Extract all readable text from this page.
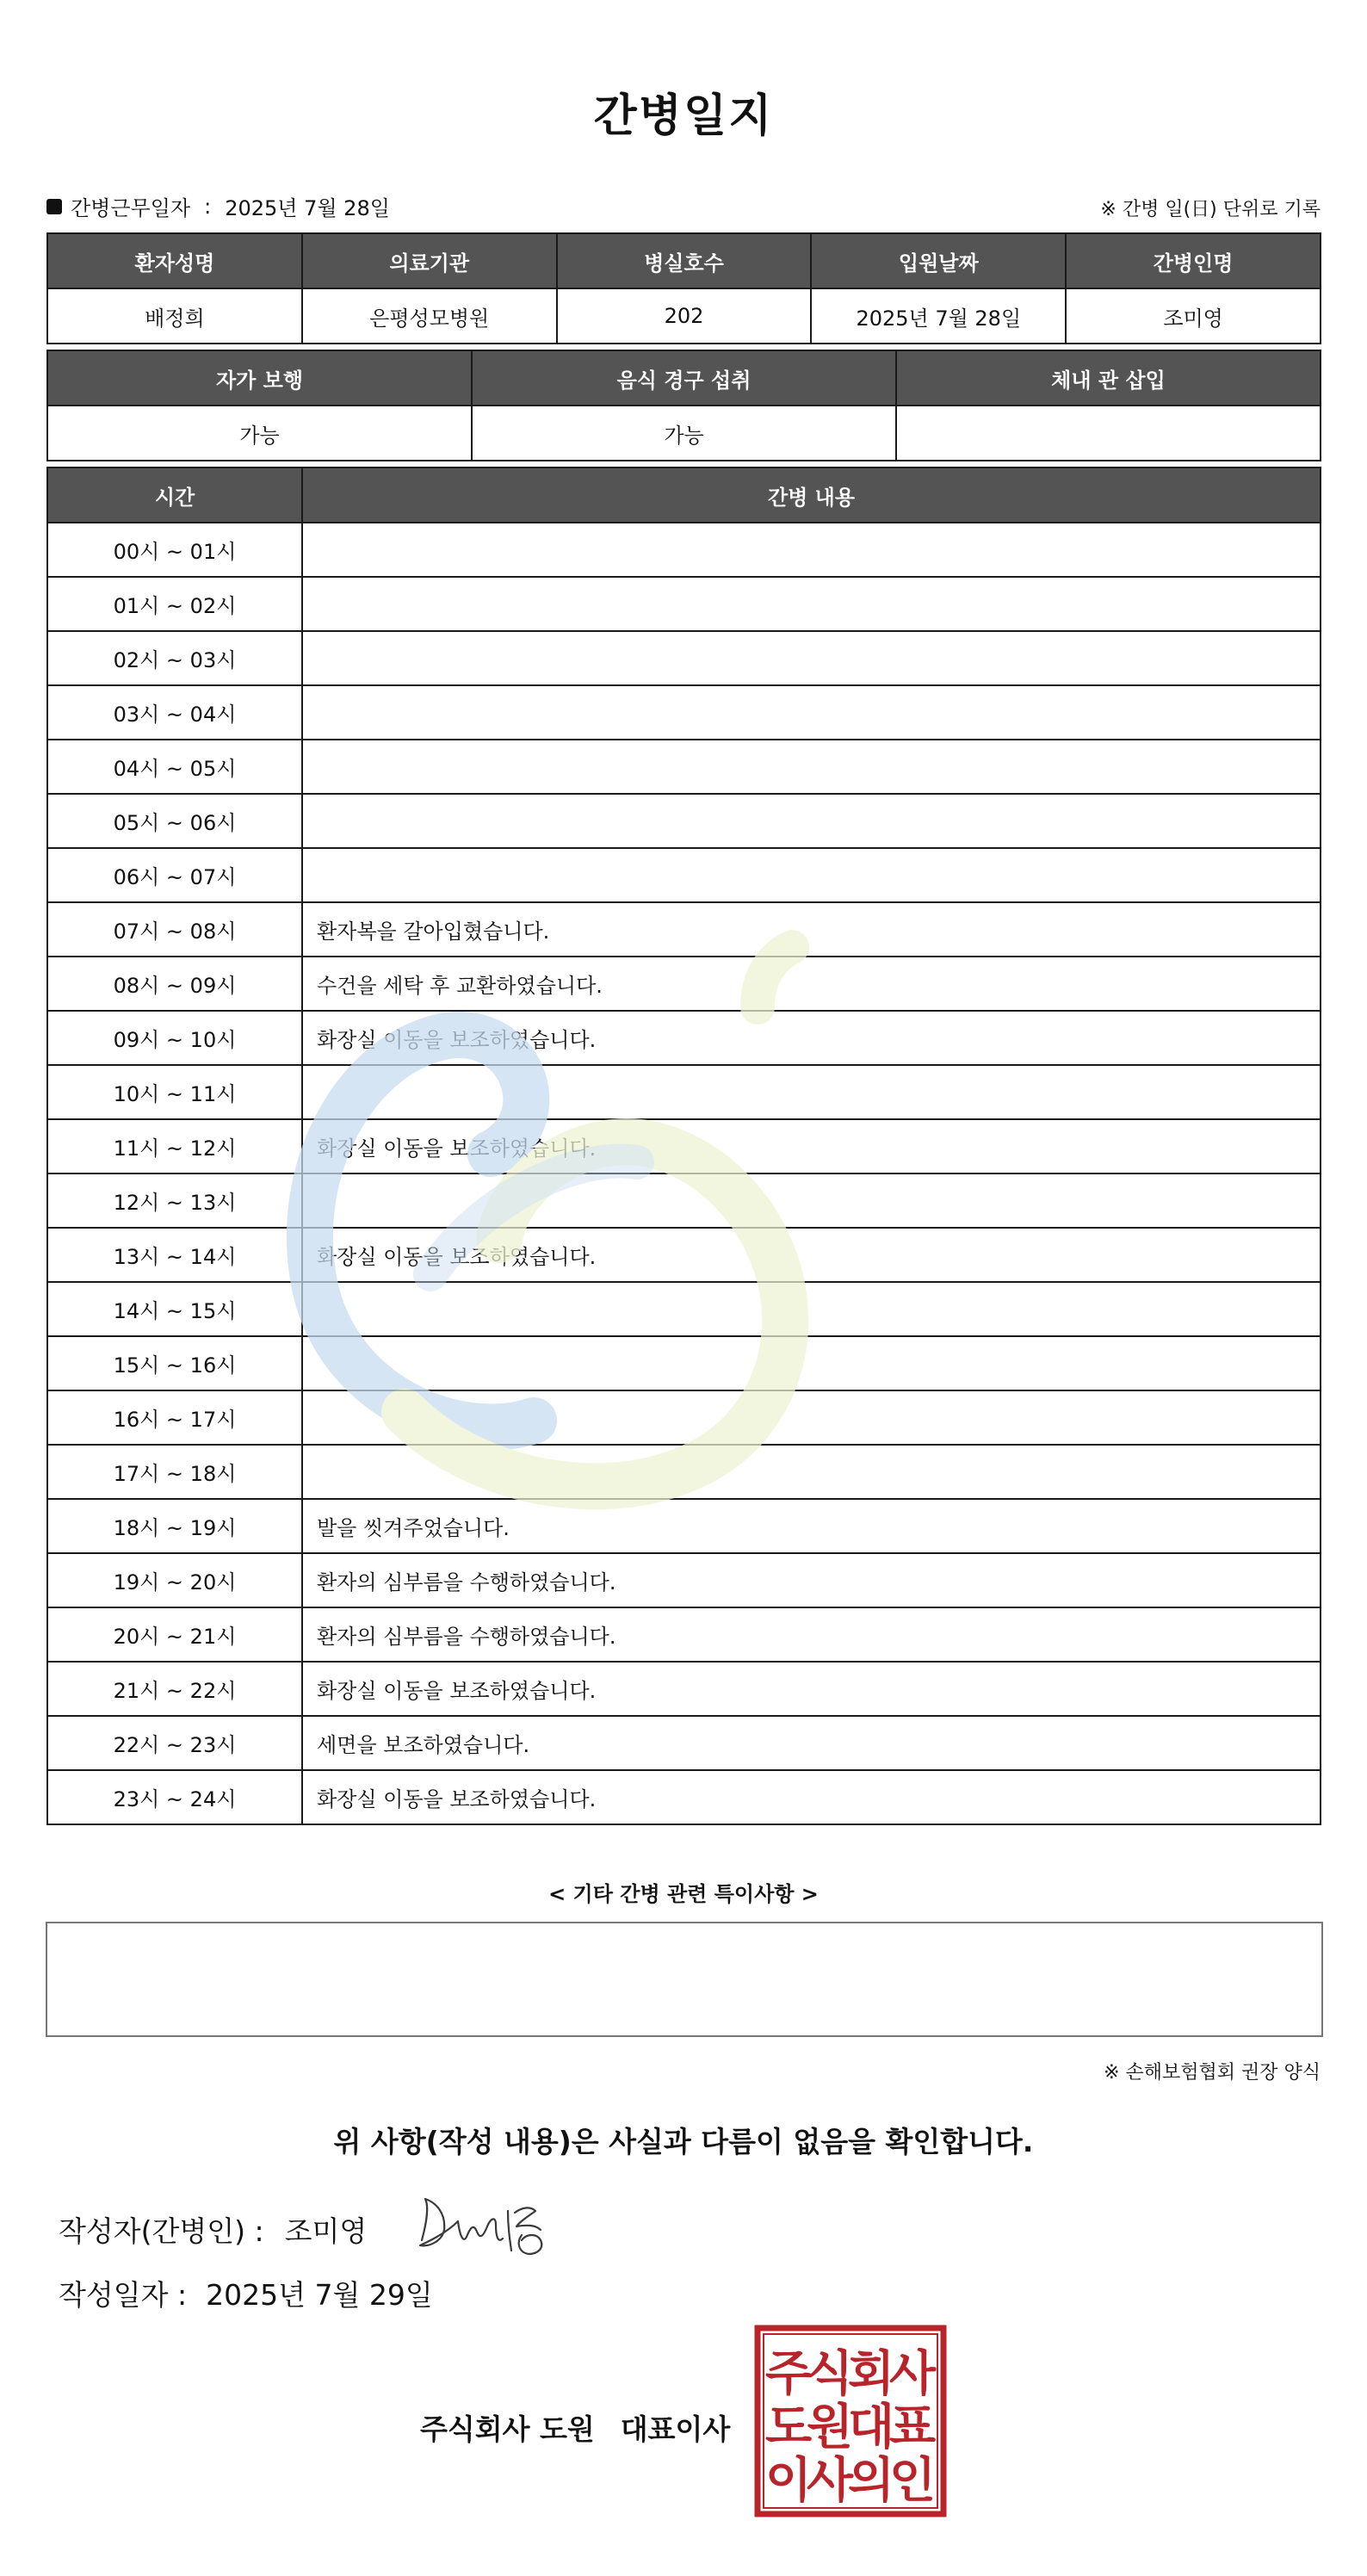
간병일지
간병근무일자 : 2025년 7월 28일	※ 간병 일(日) 단위로 기록
환자성명	의료기관	병실호수	입원날짜	간병인명
배정희	은평성모병원	202	2025년 7월 28일	조미영
자가 보행	음식 경구 섭취	체내 관 삽입
가능	가능	
시간	간병 내용
00시 ~ 01시	
01시 ~ 02시	
02시 ~ 03시	
03시 ~ 04시	
04시 ~ 05시	
05시 ~ 06시	
06시 ~ 07시	
07시 ~ 08시	환자복을 갈아입혔습니다.
08시 ~ 09시	수건을 세탁 후 교환하였습니다.
09시 ~ 10시	화장실 이동을 보조하였습니다.
10시 ~ 11시	
11시 ~ 12시	화장실 이동을 보조하였습니다.
12시 ~ 13시	
13시 ~ 14시	화장실 이동을 보조하였습니다.
14시 ~ 15시	
15시 ~ 16시	
16시 ~ 17시	
17시 ~ 18시	
18시 ~ 19시	발을 씻겨주었습니다.
19시 ~ 20시	환자의 심부름을 수행하였습니다.
20시 ~ 21시	환자의 심부름을 수행하였습니다.
21시 ~ 22시	화장실 이동을 보조하였습니다.
22시 ~ 23시	세면을 보조하였습니다.
23시 ~ 24시	화장실 이동을 보조하였습니다.
< 기타 간병 관련 특이사항 >
※ 손해보험협회 권장 양식
위 사항(작성 내용)은 사실과 다름이 없음을 확인합니다.
작성자(간병인) : 조미영
작성일자 : 2025년 7월 29일
주식회사 도원 대표이사
주
식
회
사
도
원
대
표
이
사
의
인
